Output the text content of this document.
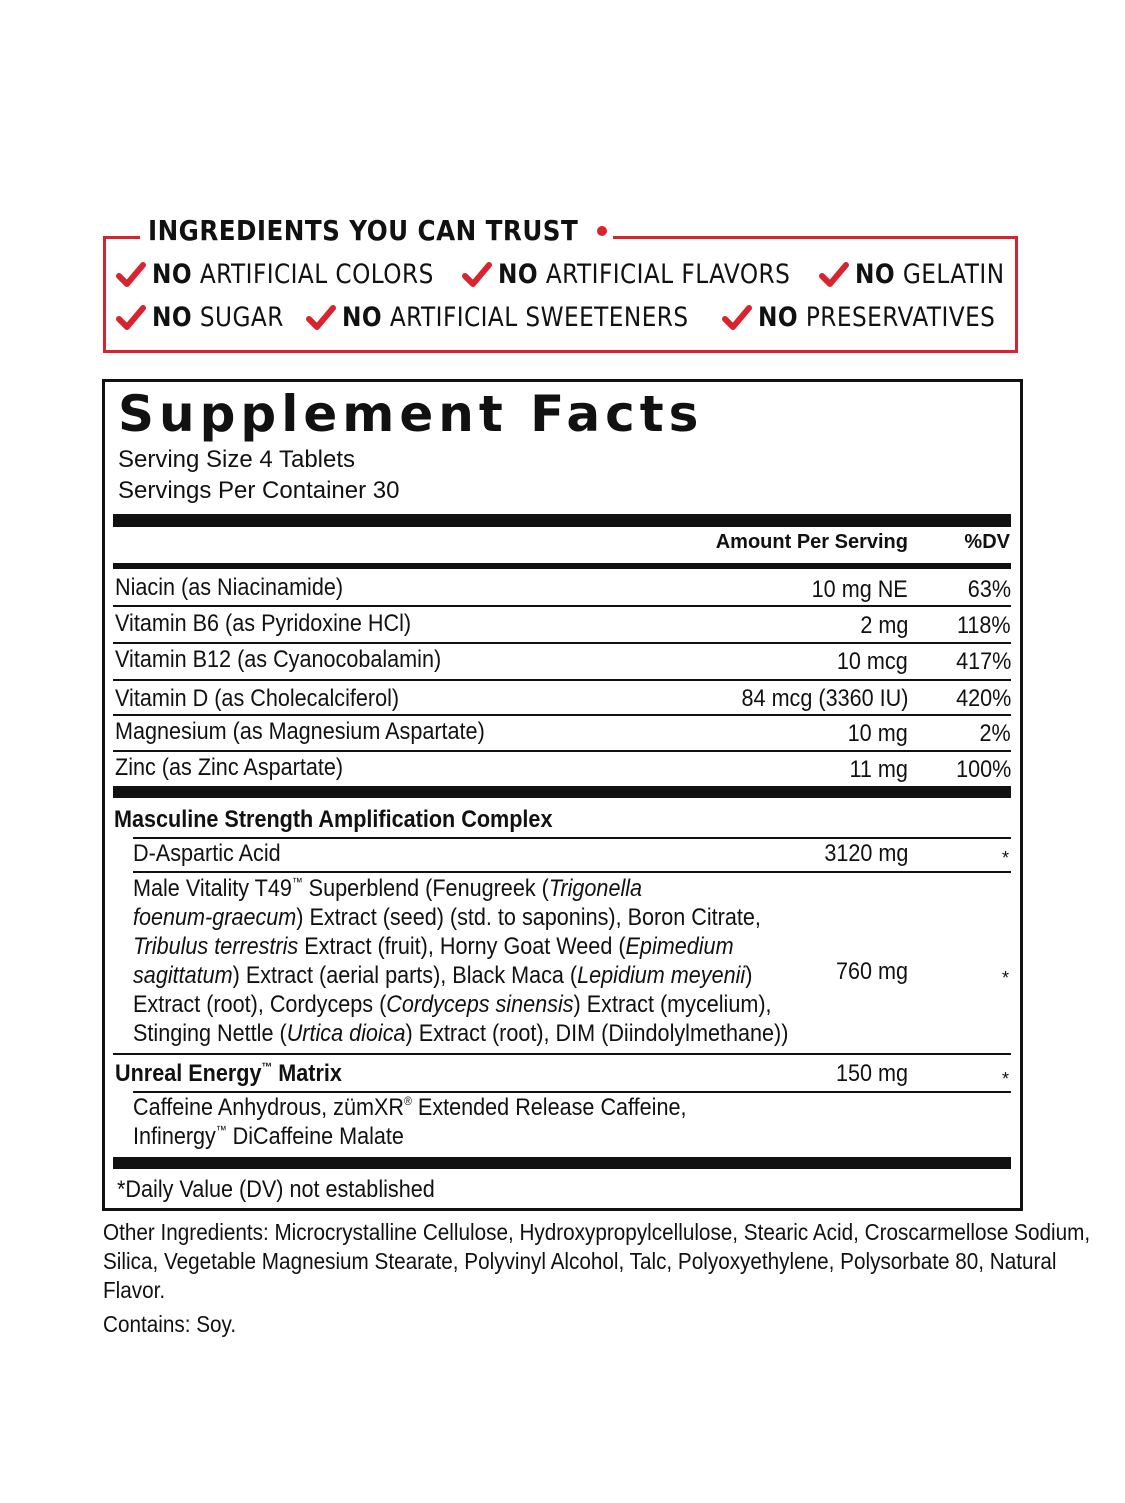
INGREDIENTS YOU CAN TRUST
NO ARTIFICIAL COLORS NO ARTIFICIAL FLAVORS NO GELATIN
NO SUGAR NO ARTIFICIAL SWEETENERS	NO PRESERVATIVES
Supplement Facts
Serving Size 4 Tablets
Servings Per Container 30
Amount Per Serving	%DV
Niacin (as Niacinamide)	10 mg NE	63%
Vitamin B6 (as Pyridoxine HCl)	2 mg	118%
Vitamin B12 (as Cyanocobalamin)	10 mcg	417%
Vitamin D (as Cholecalciferol)	84 mcg (3360 IU)	420%
Magnesium (as Magnesium Aspartate)	10 mg	2%
Zinc (as Zinc Aspartate)	11 mg	100%
Masculine Strength Amplification Complex
D-Aspartic Acid	3120 mg	*
Male Vitality T49™ Superblend (Fenugreek (Trigonella
foenum-graecum) Extract (seed) (std. to saponins), Boron Citrate,
Tribulus terrestris Extract (fruit), Horny Goat Weed (Epimedium
sagittatum) Extract (aerial parts), Black Maca (Lepidium meyenii)
Extract (root), Cordyceps (Cordyceps sinensis) Extract (mycelium),
Stinging Nettle (Urtica dioica) Extract (root), DIM (Diindolylmethane))
760 mg	*
Unreal Energy™ Matrix	150 mg	*
Caffeine Anhydrous, zümXR® Extended Release Caffeine,
Infinergy™ DiCaffeine Malate
*Daily Value (DV) not established
Other Ingredients: Microcrystalline Cellulose, Hydroxypropylcellulose, Stearic Acid, Croscarmellose Sodium, Silica, Vegetable Magnesium Stearate, Polyvinyl Alcohol, Talc, Polyoxyethylene, Polysorbate 80, Natural Flavor.
Contains: Soy.
